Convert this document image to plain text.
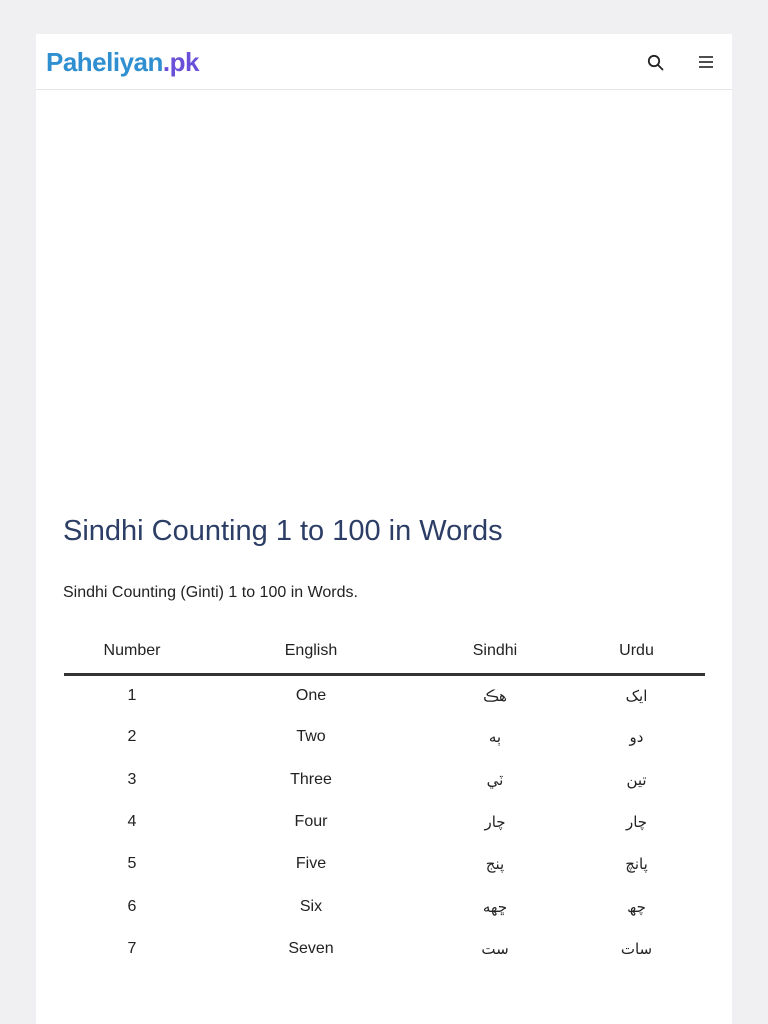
Paheliyan.pk
Sindhi Counting 1 to 100 in Words

Sindhi Counting (Ginti) 1 to 100 in Words.

Number	English	Sindhi	Urdu
1	One	هڪ	ایک
2	Two	ٻه	دو
3	Three	ٽي	تین
4	Four	چار	چار
5	Five	پنج	پانچ
6	Six	ڇهه	چھ
7	Seven	ست	سات
